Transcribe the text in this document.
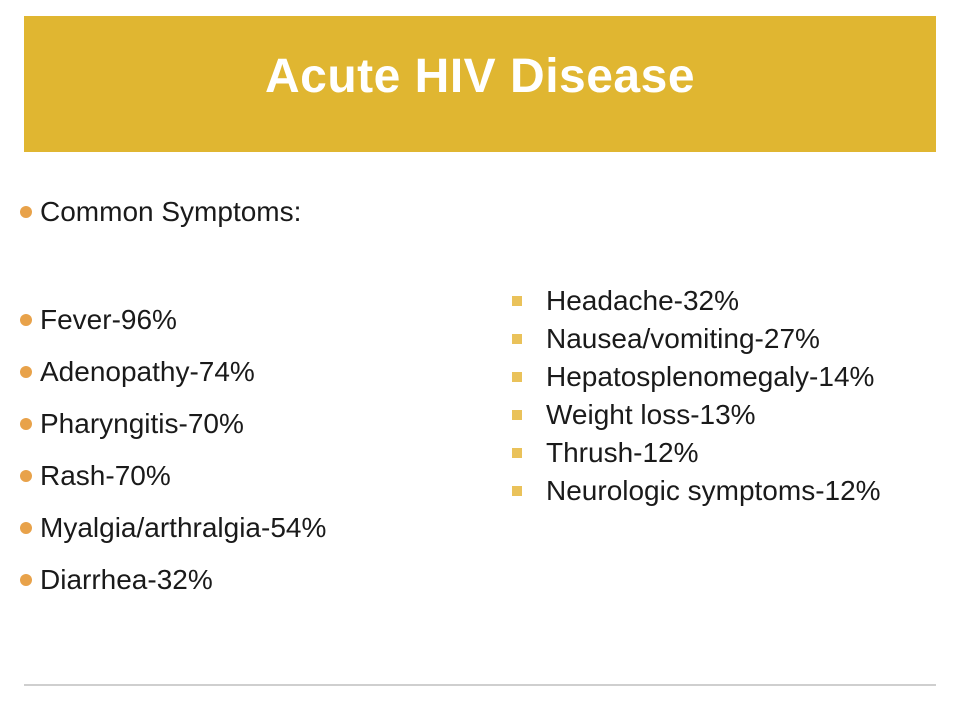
Acute HIV Disease
Common Symptoms:
Fever-96%
Adenopathy-74%
Pharyngitis-70%
Rash-70%
Myalgia/arthralgia-54%
Diarrhea-32%
Headache-32%
Nausea/vomiting-27%
Hepatosplenomegaly-14%
Weight loss-13%
Thrush-12%
Neurologic symptoms-12%
